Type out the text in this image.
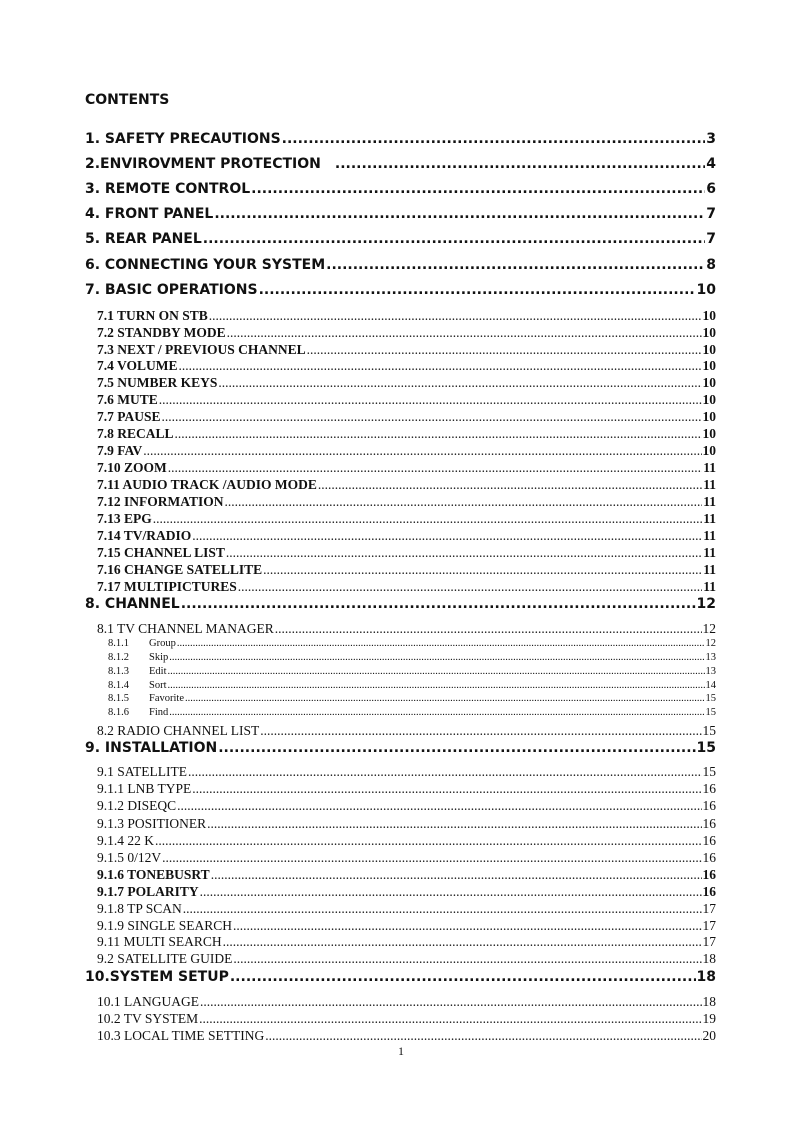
CONTENTS
1. SAFETY PRECAUTIONS .....	3
2.ENVIROVMENT PROTECTION .....	4
3. REMOTE CONTROL .....	6
4. FRONT PANEL .....	7
5. REAR PANEL .....	7
6. CONNECTING YOUR SYSTEM .....	8
7. BASIC OPERATIONS .....	10
7.1 TURN ON STB .....	10
7.2 STANDBY MODE .....	10
7.3 NEXT / PREVIOUS CHANNEL .....	10
7.4 VOLUME .....	10
7.5 NUMBER KEYS .....	10
7.6 MUTE .....	10
7.7 PAUSE .....	10
7.8 RECALL .....	10
7.9 FAV .....	10
7.10 ZOOM .....	11
7.11 AUDIO TRACK /AUDIO MODE .....	11
7.12 INFORMATION .....	11
7.13 EPG .....	11
7.14 TV/RADIO .....	11
7.15 CHANNEL LIST .....	11
7.16 CHANGE SATELLITE .....	11
7.17 MULTIPICTURES .....	11
8. CHANNEL .....	12
8.1 TV CHANNEL MANAGER .....	12
8.1.1 Group .....	12
8.1.2 Skip .....	13
8.1.3 Edit .....	13
8.1.4 Sort .....	14
8.1.5 Favorite .....	15
8.1.6 Find .....	15
8.2 RADIO CHANNEL LIST .....	15
9. INSTALLATION .....	15
9.1 SATELLITE .....	15
9.1.1 LNB TYPE .....	16
9.1.2 DISEQC .....	16
9.1.3 POSITIONER .....	16
9.1.4 22 K .....	16
9.1.5 0/12V .....	16
9.1.6 TONEBUSRT .....	16
9.1.7 POLARITY .....	16
9.1.8 TP SCAN .....	17
9.1.9 SINGLE SEARCH .....	17
9.11 MULTI SEARCH .....	17
9.2 SATELLITE GUIDE .....	18
10.SYSTEM SETUP .....	18
10.1 LANGUAGE .....	18
10.2 TV SYSTEM .....	19
10.3 LOCAL TIME SETTING .....	20
1
